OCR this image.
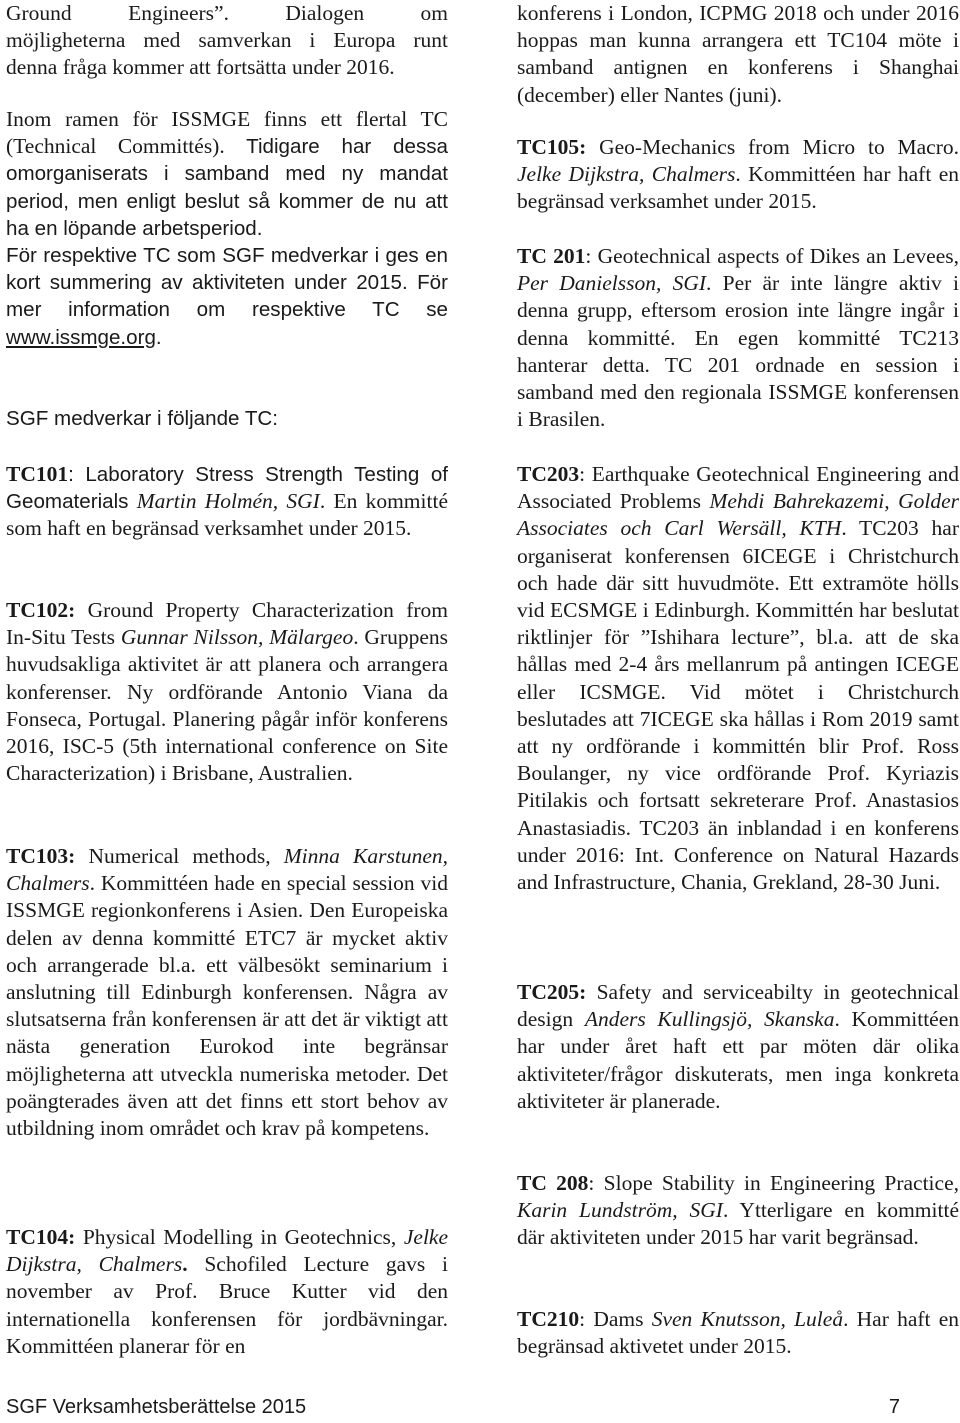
Ground Engineers”. Dialogen om

möjligheterna med samverkan i Europa runt

denna fråga kommer att fortsätta under 2016.

Inom ramen för ISSMGE finns ett flertal TC (Technical Committés). Tidigare har dessa omorganiserats i samband med ny mandat period, men enligt beslut så kommer de nu att ha en löpande arbetsperiod.

För respektive TC som SGF medverkar i ges en kort summering av aktiviteten under 2015. För mer information om respektive TC se www.issmge.org.

SGF medverkar i följande TC:

TC101: Laboratory Stress Strength Testing of Geomaterials Martin Holmén, SGI. En kommitté som haft en begränsad verksamhet under 2015.

TC102: Ground Property Characterization from In-Situ Tests Gunnar Nilsson, Mälargeo. Gruppens huvudsakliga aktivitet är att planera och arrangera konferenser. Ny ordförande Antonio Viana da Fonseca, Portugal. Planering pågår inför konferens 2016, ISC-5 (5th international conference on Site Characterization) i Brisbane, Australien.

TC103: Numerical methods, Minna Karstunen, Chalmers. Kommittéen hade en special session vid ISSMGE regionkonferens i Asien. Den Europeiska delen av denna kommitté ETC7 är mycket aktiv och arrangerade bl.a. ett välbesökt seminarium i anslutning till Edinburgh konferensen. Några av slutsatserna från konferensen är att det är viktigt att nästa generation Eurokod inte begränsar möjligheterna att utveckla numeriska metoder. Det poängterades även att det finns ett stort behov av utbildning inom området och krav på kompetens.

TC104: Physical Modelling in Geotechnics, Jelke Dijkstra, Chalmers. Schofiled Lecture gavs i november av Prof. Bruce Kutter vid den internationella konferensen för jordbävningar. Kommittéen planerar för en

konferens i London, ICPMG 2018 och under 2016 hoppas man kunna arrangera ett TC104 möte i samband antignen en konferens i Shanghai (december) eller Nantes (juni).

TC105: Geo-Mechanics from Micro to Macro. Jelke Dijkstra, Chalmers. Kommittéen har haft en begränsad verksamhet under 2015.

TC 201: Geotechnical aspects of Dikes an Levees, Per Danielsson, SGI. Per är inte längre aktiv i denna grupp, eftersom erosion inte längre ingår i denna kommitté. En egen kommitté TC213 hanterar detta. TC 201 ordnade en session i samband med den regionala ISSMGE konferensen i Brasilen.

TC203: Earthquake Geotechnical Engineering and Associated Problems Mehdi Bahrekazemi, Golder Associates och Carl Wersäll, KTH. TC203 har organiserat konferensen 6ICEGE i Christchurch och hade där sitt huvudmöte. Ett extramöte hölls vid ECSMGE i Edinburgh. Kommittén har beslutat riktlinjer för ”Ishihara lecture”, bl.a. att de ska hållas med 2-4 års mellanrum på antingen ICEGE eller ICSMGE. Vid mötet i Christchurch beslutades att 7ICEGE ska hållas i Rom 2019 samt att ny ordförande i kommittén blir Prof. Ross Boulanger, ny vice ordförande Prof. Kyriazis Pitilakis och fortsatt sekreterare Prof. Anastasios Anastasiadis. TC203 än inblandad i en konferens under 2016: Int. Conference on Natural Hazards and Infrastructure, Chania, Grekland, 28-30 Juni.

TC205: Safety and serviceabilty in geotechnical design Anders Kullingsjö, Skanska. Kommittéen har under året haft ett par möten där olika aktiviteter/frågor diskuterats, men inga konkreta aktiviteter är planerade.

TC 208: Slope Stability in Engineering Practice, Karin Lundström, SGI. Ytterligare en kommitté där aktiviteten under 2015 har varit begränsad.

TC210: Dams Sven Knutsson, Luleå. Har haft en begränsad aktivetet under 2015.

SGF Verksamhetsberättelse 2015	7
